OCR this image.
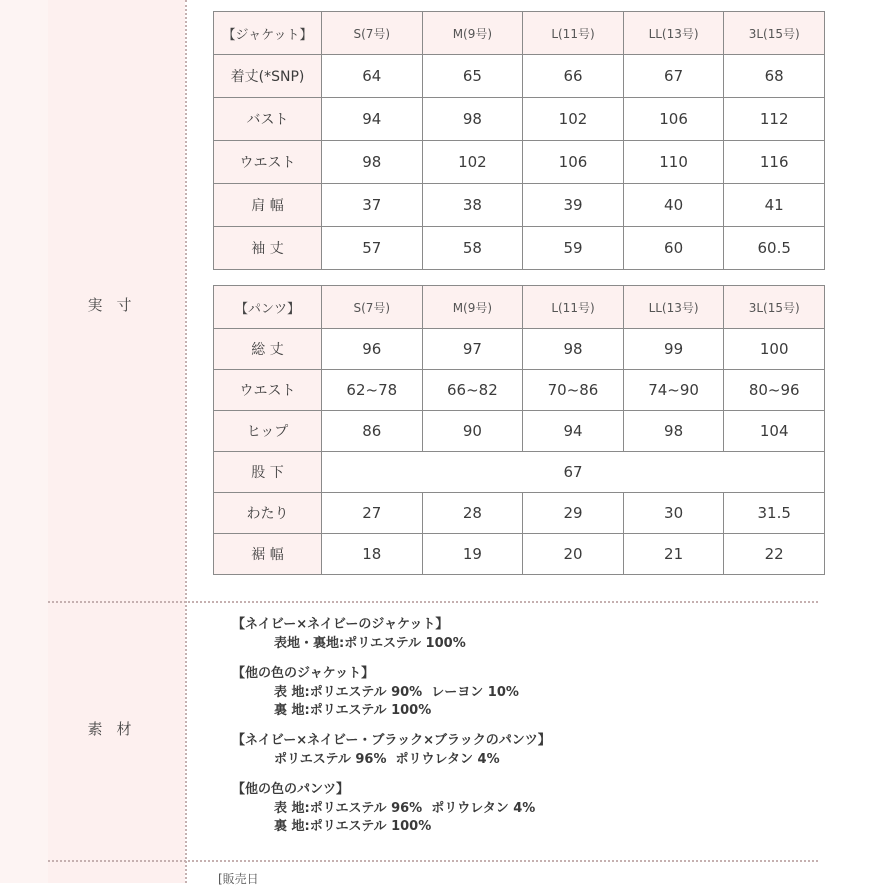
実寸
素材
【ジャケット】	S(7号)	M(9号)	L(11号)	LL(13号)	3L(15号)
着丈(*SNP)	64	65	66	67	68
バスト	94	98	102	106	112
ウエスト	98	102	106	110	116
肩 幅	37	38	39	40	41
袖 丈	57	58	59	60	60.5
【パンツ】	S(7号)	M(9号)	L(11号)	LL(13号)	3L(15号)
総 丈	96	97	98	99	100
ウエスト	62~78	66~82	70~86	74~90	80~96
ヒップ	86	90	94	98	104
股 下	67				
わたり	27	28	29	30	31.5
裾 幅	18	19	20	21	22
【ネイビー×ネイビーのジャケット】
表地・裏地:ポリエステル 100%
【他の色のジャケット】
表 地:ポリエステル 90%  レーヨン 10%
裏 地:ポリエステル 100%
【ネイビー×ネイビー・ブラック×ブラックのパンツ】
ポリエステル 96%  ポリウレタン 4%
【他の色のパンツ】
表 地:ポリエステル 96%  ポリウレタン 4%
裏 地:ポリエステル 100%
[販売日
